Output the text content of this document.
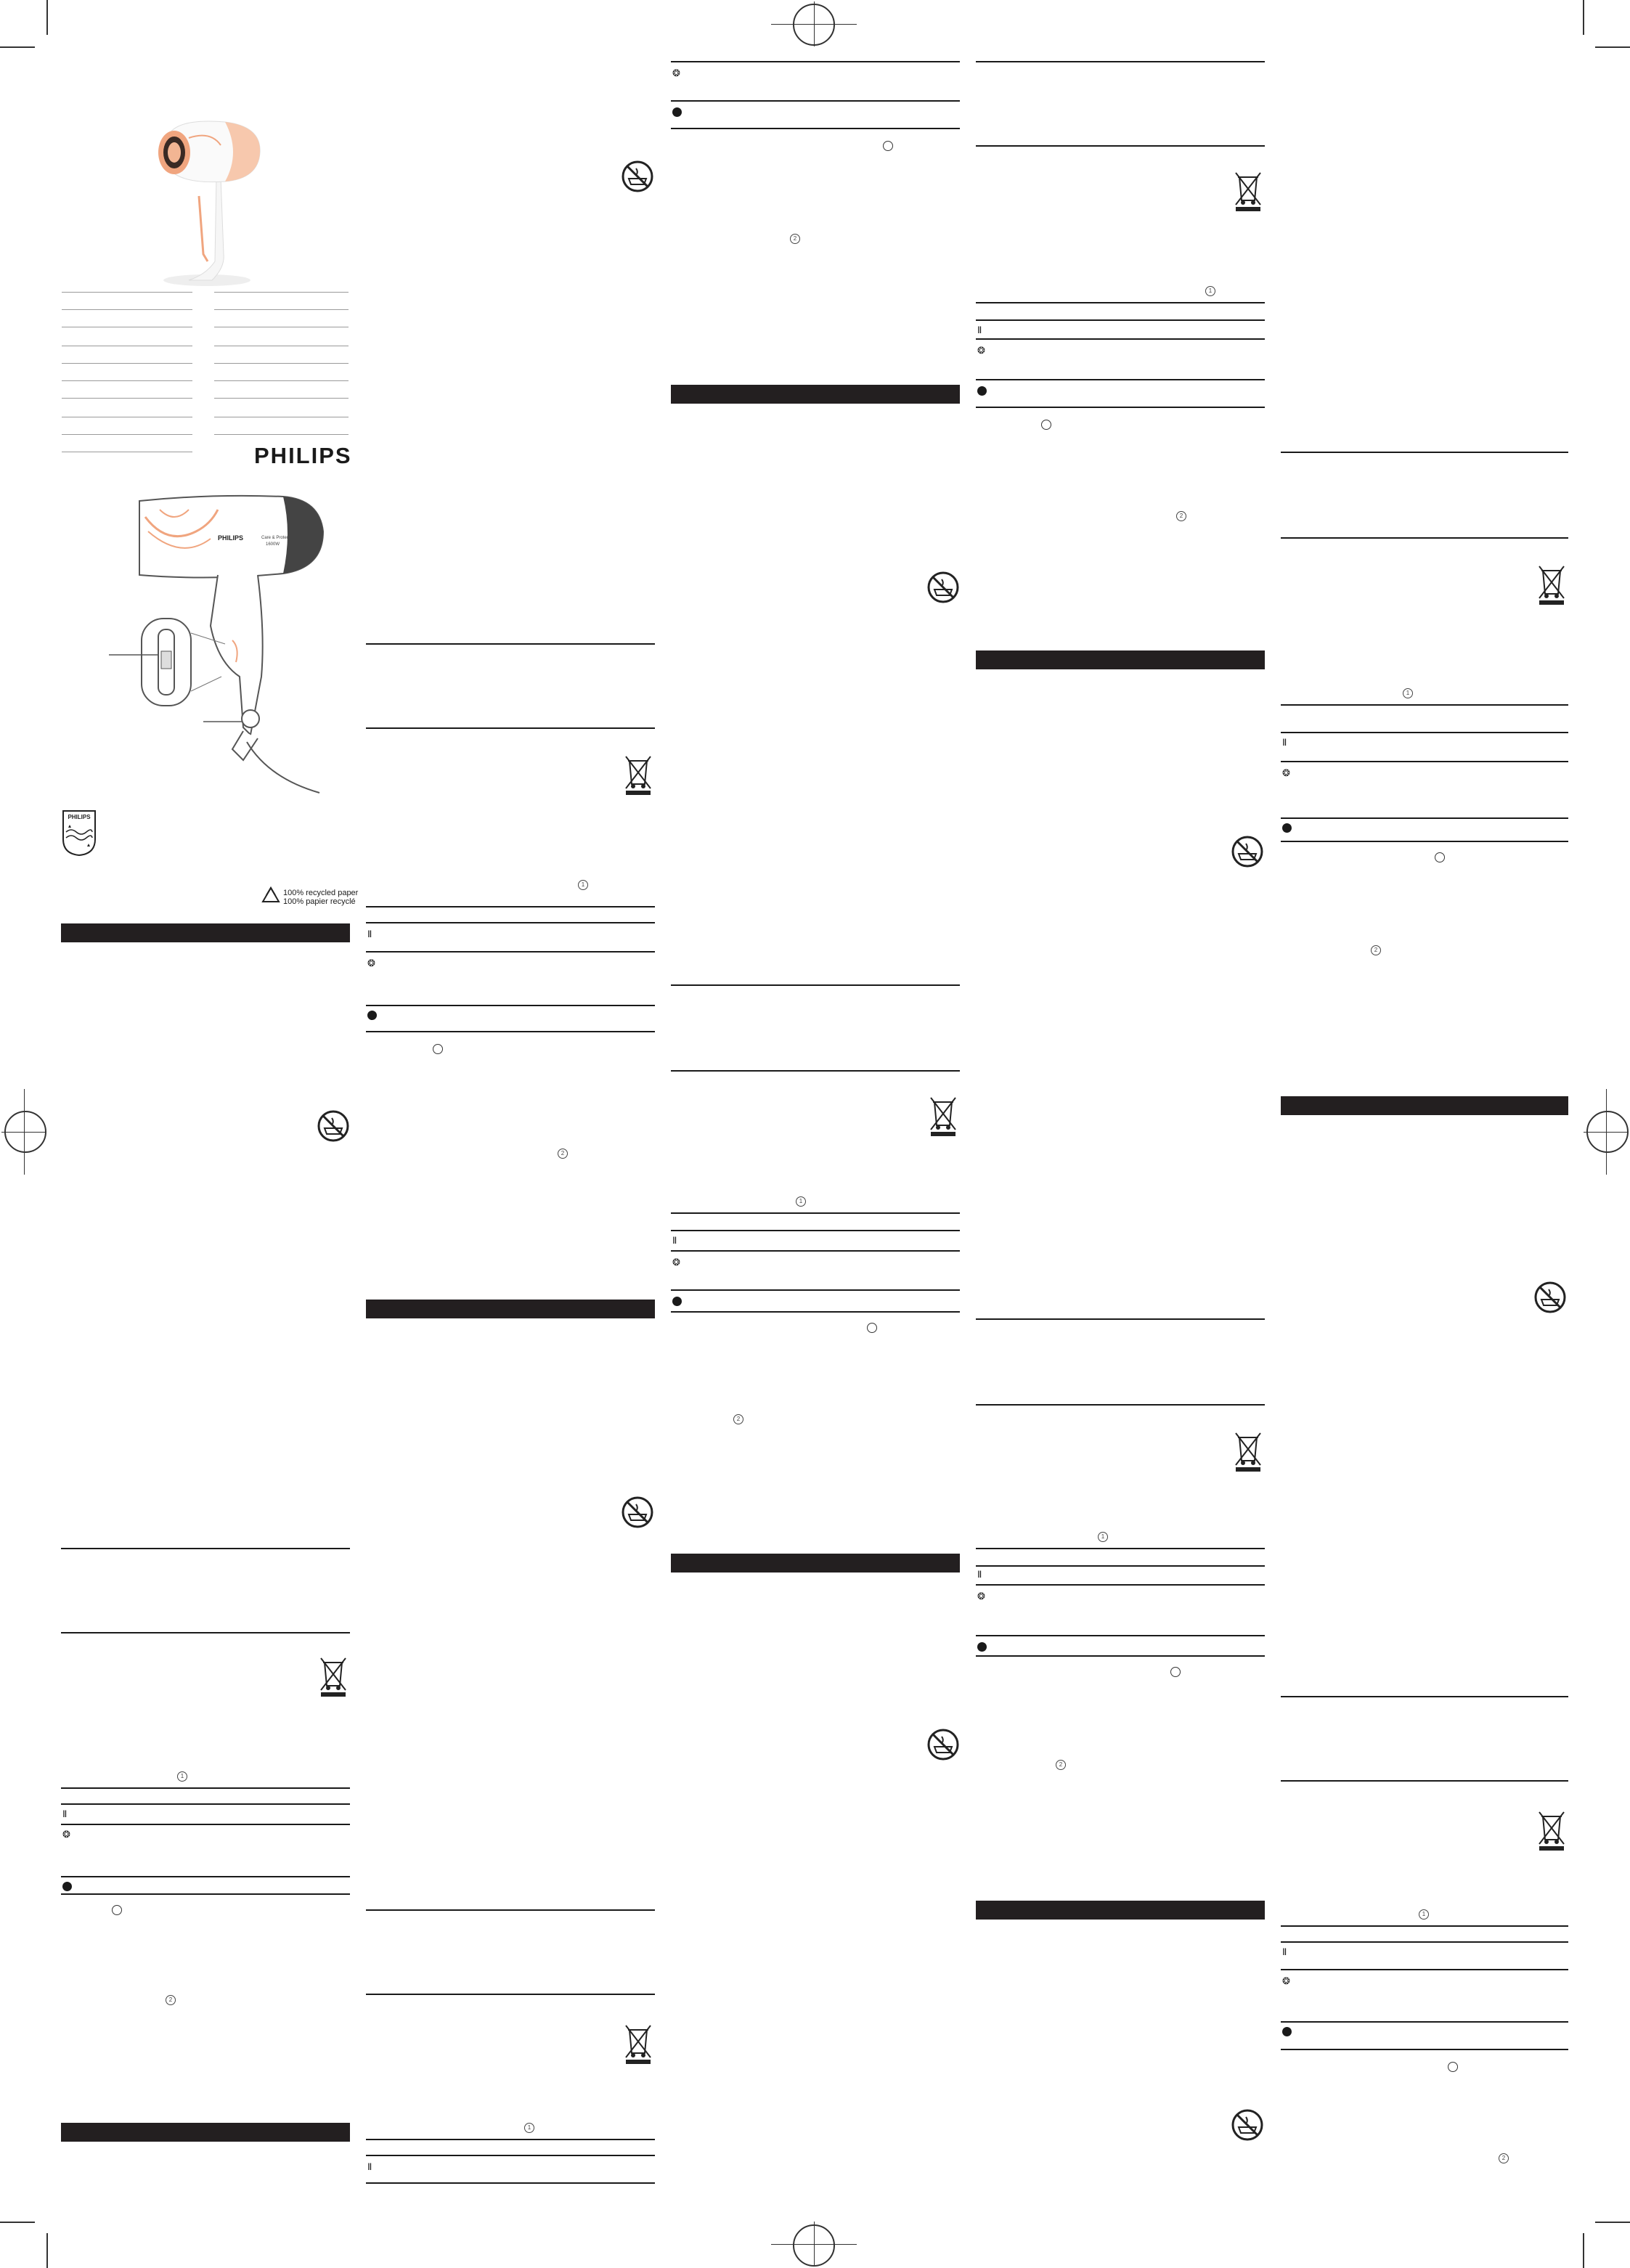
PHILIPS
PHILIPS	Care & Protect
1600W
PHILIPS
100% recycled paper
100% papier recyclé
1
Ⅱ
❂
2
1
Ⅱ
❂
2
1
Ⅱ
❂
2
1
Ⅱ
❂
2
1
Ⅱ
❂
2
1
Ⅱ
❂
2
1
Ⅱ
❂
2
1
Ⅱ
❂
2
